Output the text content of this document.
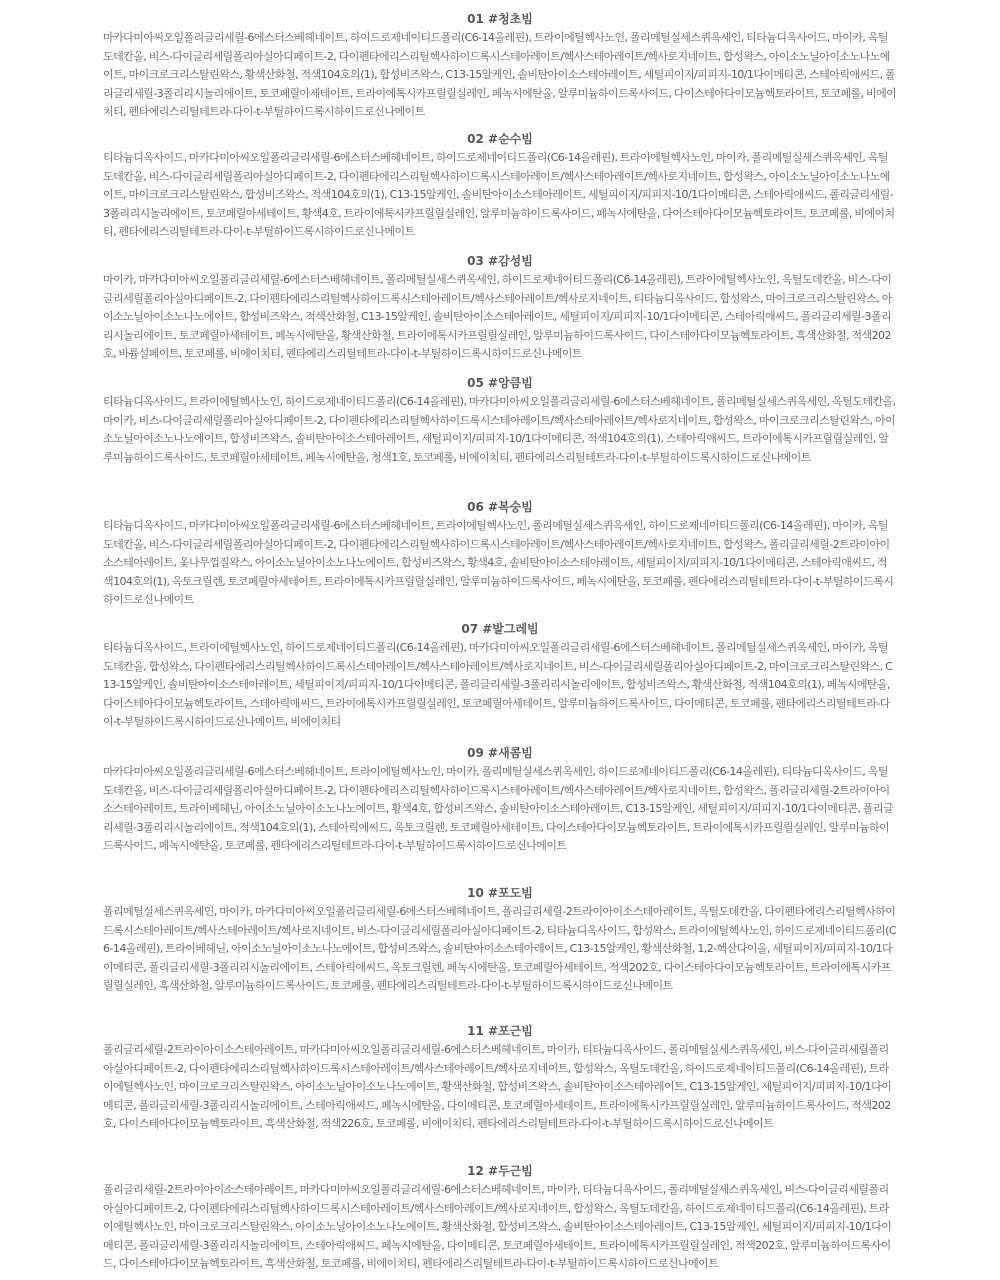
01 #청초빔

마카다미아씨오일폴리글리세릴-6에스터스베헤네이트, 하이드로제네이티드폴리(C6-14올레핀), 트라이에틸헥사노인, 폴리메틸실세스퀴옥세인, 티타늄디옥사이드, 마이카, 옥틸도데칸올, 비스-다이글리세릴폴리아실아디페이트-2, 다이펜타에리스리틸헥사하이드록시스테아레이트/헥사스테아레이트/헥사로지네이트, 합성왁스, 아이소노닐아이소노나노에이트, 마이크로크리스탈린왁스, 황색산화철, 적색104호의(1), 합성비즈왁스, C13-15알케인, 솔비탄아이소스테아레이트, 세틸피이지/피피지-10/1다이메티콘, 스테아릭애씨드, 폴리글리세릴-3폴리리시놀리에이트, 토코페릴아세테이트, 트라이에톡시카프릴릴실레인, 페녹시에탄올, 알루미늄하이드록사이드, 다이스테아다이모늄헥토라이트, 토코페롤, 비에이치티, 펜타에리스리틸테트라-다이-t-부틸하이드록시하이드로신나메이트

02 #순수빔

티타늄디옥사이드, 마카다미아씨오일폴리글리세릴-6에스터스베헤네이트, 하이드로제네이티드폴리(C6-14올레핀), 트라이에틸헥사노인, 마이카, 폴리메틸실세스퀴옥세인, 옥틸도데칸올, 비스-다이글리세릴폴리아실아디페이트-2, 다이펜타에리스리틸헥사하이드록시스테아레이트/헥사스테아레이트/헥사로지네이트, 합성왁스, 아이소노닐아이소노나노에이트, 마이크로크리스탈린왁스, 합성비즈왁스, 적색104호의(1), C13-15알케인, 솔비탄아이소스테아레이트, 세틸피이지/피피지-10/1다이메티콘, 스테아릭애씨드, 폴리글리세릴-3폴리리시놀리에이트, 토코페릴아세테이트, 황색4호, 트라이에톡시카프릴릴실레인, 알루미늄하이드록사이드, 페녹시에탄올, 다이스테아다이모늄헥토라이트, 토코페롤, 비에이치티, 펜타에리스리틸테트라-다이-t-부틸하이드록시하이드로신나메이트

03 #감성빔

마이카, 마카다미아씨오일폴리글리세릴-6에스터스베헤네이트, 폴리메틸실세스퀴옥세인, 하이드로제네이티드폴리(C6-14올레핀), 트라이에틸헥사노인, 옥틸도데칸올, 비스-다이글리세릴폴리아실아디페이트-2, 다이펜타에리스리틸헥사하이드록시스테아레이트/헥사스테아레이트/헥사로지네이트, 티타늄디옥사이드, 합성왁스, 마이크로크리스탈린왁스, 아이소노닐아이소노나노에이트, 합성비즈왁스, 적색산화철, C13-15알케인, 솔비탄아이소스테아레이트, 세틸피이지/피피지-10/1다이메티콘, 스테아릭애씨드, 폴리글리세릴-3폴리리시놀리에이트, 토코페릴아세테이트, 페녹시에탄올, 황색산화철, 트라이에톡시카프릴릴실레인, 알루미늄하이드록사이드, 다이스테아다이모늄헥토라이트, 흑색산화철, 적색202호, 바륨설페이트, 토코페롤, 비에이치티, 펜타에리스리틸테트라-다이-t-부틸하이드록시하이드로신나메이트

05 #앙큼빔

티타늄디옥사이드, 트라이에틸헥사노인, 하이드로제네이티드폴리(C6-14올레핀), 마카다미아씨오일폴리글리세릴-6에스터스베헤네이트, 폴리메틸실세스퀴옥세인, 옥틸도데칸올, 마이카, 비스-다이글리세릴폴리아실아디페이트-2, 다이펜타에리스리틸헥사하이드록시스테아레이트/헥사스테아레이트/헥사로지네이트, 합성왁스, 마이크로크리스탈린왁스, 아이소노닐아이소노나노에이트, 합성비즈왁스, 솔비탄아이소스테아레이트, 세틸피이지/피피지-10/1다이메티콘, 적색104호의(1), 스테아릭애씨드, 트라이에톡시카프릴릴실레인, 알루미늄하이드록사이드, 토코페릴아세테이트, 페녹시에탄올, 청색1호, 토코페롤, 비에이치티, 펜타에리스리틸테트라-다이-t-부틸하이드록시하이드로신나메이트

06 #복숭빔

티타늄디옥사이드, 마카다미아씨오일폴리글리세릴-6에스터스베헤네이트, 트라이에틸헥사노인, 폴리메틸실세스퀴옥세인, 하이드로제네이티드폴리(C6-14올레핀), 마이카, 옥틸도데칸올, 비스-다이글리세릴폴리아실아디페이트-2, 다이펜타에리스리틸헥사하이드록시스테아레이트/헥사스테아레이트/헥사로지네이트, 합성왁스, 폴리글리세릴-2트라이아이소스테아레이트, 옻나무껍질왁스, 아이소노닐아이소노나노에이트, 합성비즈왁스, 황색4호, 솔비탄아이소스테아레이트, 세틸피이지/피피지-10/1다이메티콘, 스테아릭애씨드, 적색104호의(1), 옥토크릴렌, 토코페릴아세테이트, 트라이에톡시카프릴릴실레인, 알루미늄하이드록사이드, 페녹시에탄올, 토코페롤, 펜타에리스리틸테트라-다이-t-부틸하이드록시하이드로신나메이트

07 #발그레빔

티타늄디옥사이드, 트라이에틸헥사노인, 하이드로제네이티드폴리(C6-14올레핀), 마카다미아씨오일폴리글리세릴-6에스터스베헤네이트, 폴리메틸실세스퀴옥세인, 마이카, 옥틸도데칸올, 합성왁스, 다이펜타에리스리틸헥사하이드록시스테아레이트/헥사스테아레이트/헥사로지네이트, 비스-다이글리세릴폴리아실아디페이트-2, 마이크로크리스탈린왁스, C13-15알케인, 솔비탄아이소스테아레이트, 세틸피이지/피피지-10/1다이메티콘, 폴리글리세릴-3폴리리시놀리에이트, 합성비즈왁스, 황색산화철, 적색104호의(1), 페녹시에탄올, 다이스테아다이모늄헥토라이트, 스테아릭애씨드, 트라이에톡시카프릴릴실레인, 토코페릴아세테이트, 알루미늄하이드록사이드, 다이메티콘, 토코페롤, 펜타에리스리틸테트라-다이-t-부틸하이드록시하이드로신나메이트, 비에이치티

09 #새콤빔

마카다미아씨오일폴리글리세릴-6에스터스베헤네이트, 트라이에틸헥사노인, 마이카, 폴리메틸실세스퀴옥세인, 하이드로제네이티드폴리(C6-14올레핀), 티타늄디옥사이드, 옥틸도데칸올, 비스-다이글리세릴폴리아실아디페이트-2, 다이펜타에리스리틸헥사하이드록시스테아레이트/헥사스테아레이트/헥사로지네이트, 합성왁스, 폴리글리세릴-2트라이아이소스테아레이트, 트라이베헤닌, 아이소노닐아이소노나노에이트, 황색4호, 합성비즈왁스, 솔비탄아이소스테아레이트, C13-15알케인, 세틸피이지/피피지-10/1다이메티콘, 폴리글리세릴-3폴리리시놀리에이트, 적색104호의(1), 스테아릭애씨드, 옥토크릴렌, 토코페릴아세테이트, 다이스테아다이모늄헥토라이트, 트라이에톡시카프릴릴실레인, 알루미늄하이드록사이드, 페녹시에탄올, 토코페롤, 펜타에리스리틸테트라-다이-t-부틸하이드록시하이드로신나메이트

10 #포도빔

폴리메틸실세스퀴옥세인, 마이카, 마카다미아씨오일폴리글리세릴-6에스터스베헤네이트, 폴리글리세릴-2트라이아이소스테아레이트, 옥틸도데칸올, 다이펜타에리스리틸헥사하이드록시스테아레이트/헥사스테아레이트/헥사로지네이트, 비스-다이글리세릴폴리아실아디페이트-2, 티타늄디옥사이드, 합성왁스, 트라이에틸헥사노인, 하이드로제네이티드폴리(C6-14올레핀), 트라이베헤닌, 아이소노닐아이소노나노에이트, 합성비즈왁스, 솔비탄아이소스테아레이트, C13-15알케인, 황색산화철, 1,2-헥산다이올, 세틸피이지/피피지-10/1다이메티콘, 폴리글리세릴-3폴리리시놀리에이트, 스테아릭애씨드, 옥토크릴렌, 페녹시에탄올, 토코페릴아세테이트, 적색202호, 다이스테아다이모늄헥토라이트, 트라이에톡시카프릴릴실레인, 흑색산화철, 알루미늄하이드록사이드, 토코페롤, 펜타에리스리틸테트라-다이-t-부틸하이드록시하이드로신나메이트

11 #포근빔

폴리글리세릴-2트라이아이소스테아레이트, 마카다미아씨오일폴리글리세릴-6에스터스베헤네이트, 마이카, 티타늄디옥사이드, 폴리메틸실세스퀴옥세인, 비스-다이글리세릴폴리아실아디페이트-2, 다이펜타에리스리틸헥사하이드록시스테아레이트/헥사스테아레이트/헥사로지네이트, 합성왁스, 옥틸도데칸올, 하이드로제네이티드폴리(C6-14올레핀), 트라이에틸헥사노인, 마이크로크리스탈린왁스, 아이소노닐아이소노나노에이트, 황색산화철, 합성비즈왁스, 솔비탄아이소스테아레이트, C13-15알케인, 세틸피이지/피피지-10/1다이메티콘, 폴리글리세릴-3폴리리시놀리에이트, 스테아릭애씨드, 페녹시에탄올, 다이메티콘, 토코페릴아세테이트, 트라이에톡시카프릴릴실레인, 알루미늄하이드록사이드, 적색202호, 다이스테아다이모늄헥토라이트, 흑색산화철, 적색226호, 토코페롤, 비에이치티, 펜타에리스리틸테트라-다이-t-부틸하이드록시하이드로신나메이트

12 #두근빔

폴리글리세릴-2트라이아이소스테아레이트, 마카다미아씨오일폴리글리세릴-6에스터스베헤네이트, 마이카, 티타늄디옥사이드, 폴리메틸실세스퀴옥세인, 비스-다이글리세릴폴리아실아디페이트-2, 다이펜타에리스리틸헥사하이드록시스테아레이트/헥사스테아레이트/헥사로지네이트, 합성왁스, 옥틸도데칸올, 하이드로제네이티드폴리(C6-14올레핀), 트라이에틸헥사노인, 마이크로크리스탈린왁스, 아이소노닐아이소노나노에이트, 황색산화철, 합성비즈왁스, 솔비탄아이소스테아레이트, C13-15알케인, 세틸피이지/피피지-10/1다이메티콘, 폴리글리세릴-3폴리리시놀리에이트, 스테아릭애씨드, 페녹시에탄올, 다이메티콘, 토코페릴아세테이트, 트라이에톡시카프릴릴실레인, 적색202호, 알루미늄하이드록사이드, 다이스테아다이모늄헥토라이트, 흑색산화철, 토코페롤, 비에이치티, 펜타에리스리틸테트라-다이-t-부틸하이드록시하이드로신나메이트
